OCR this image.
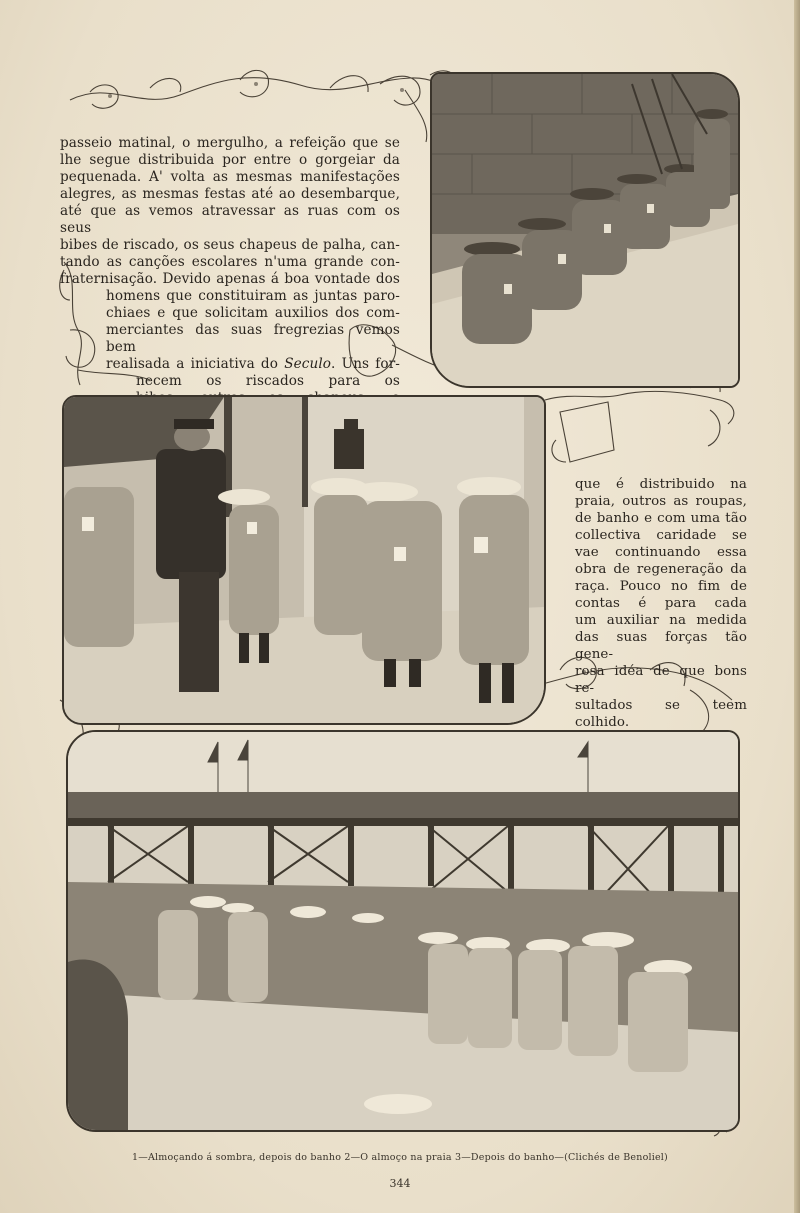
passeio matinal, o mergulho, a refeição que se
lhe segue distribuida por entre o gorgeiar da
pequenada. A' volta as mesmas manifestações
alegres, as mesmas festas até ao desembarque,
até que as vemos atravessar as ruas com os seus
bibes de riscado, os seus chapeus de palha, can-
tando as canções escolares n'uma grande con-
fraternisação. Devido apenas á boa vontade dos
homens que constituiram as juntas paro-
chiaes e que solicitam auxilios dos com-
merciantes das suas fregrezias vemos bem
realisada a iniciativa do Seculo. Uns for-
necem os riscados para os
que é distribuido na
praia, outros as roupas,
de banho e com uma tão
collectiva caridade se
vae continuando essa
obra de regeneração da
raça. Pouco no fim de
contas é para cada
um auxiliar na medida
das suas forças tão gene-
rosa idéa de que bons re-
sultados se teem colhido.
1—Almoçando á sombra, depois do banho 2—O almoço na praia 3—Depois do banho—(Clichés de Benoliel)
344
